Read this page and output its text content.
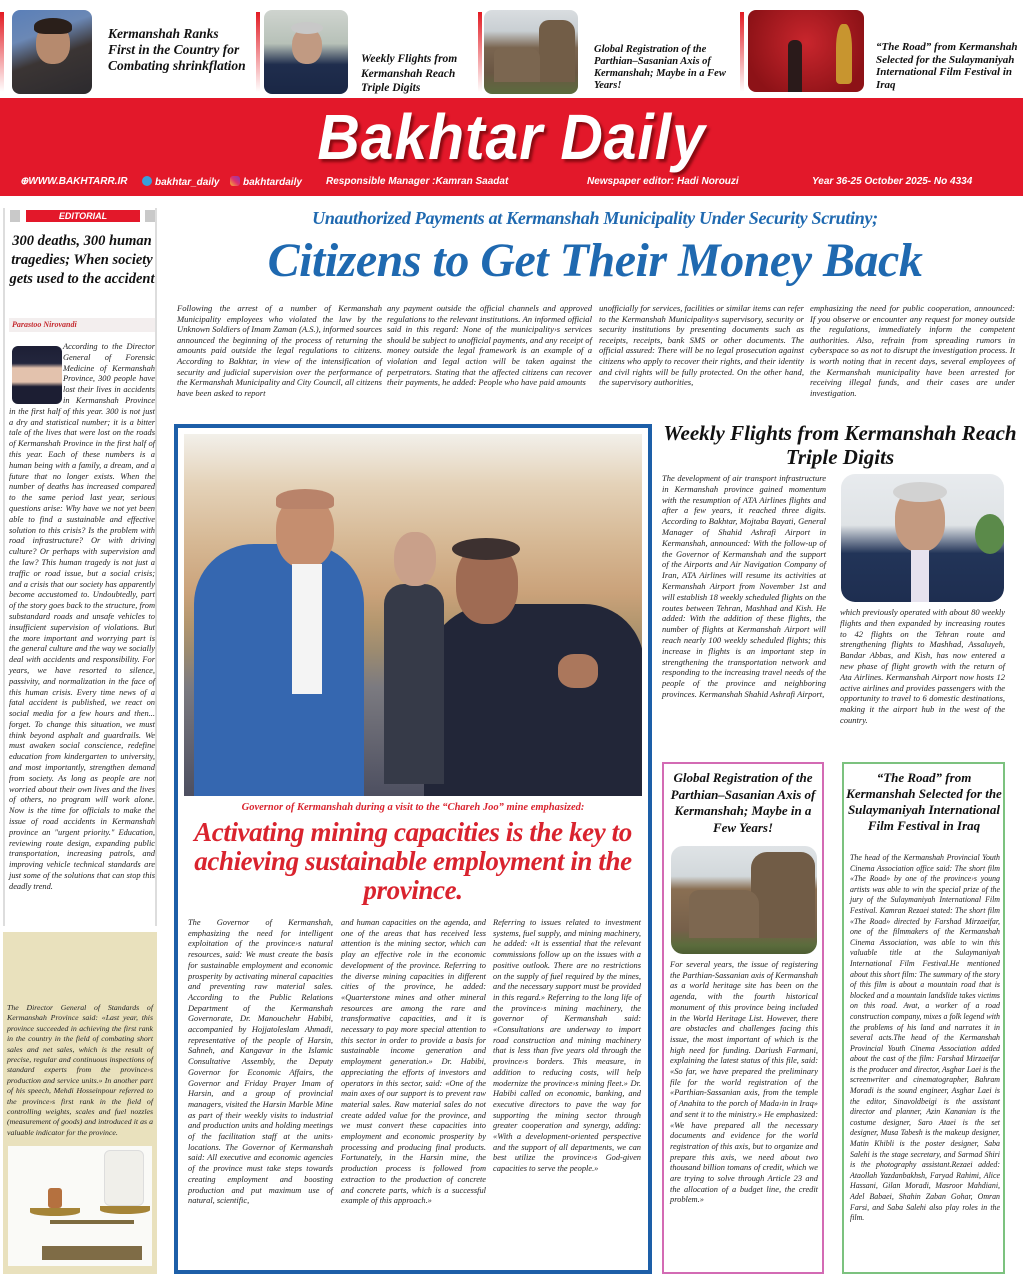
Kermanshah Ranks First in the Country for Combating shrinkflation	Weekly Flights from Kermanshah Reach Triple Digits
Global Registration of the Parthian–Sasanian Axis of Kermanshah; Maybe in a Few Years!
“The Road” from Kermanshah Selected for the Sulaymaniyah International Film Festival in Iraq
Bakhtar Daily
⊕WWW.BAKHTARR.IR	bakhtar_daily	bakhtardaily Responsible Manager :Kamran Saadat	Newspaper editor: Hadi Norouzi	Year 36-25 October 2025- No 4334
EDITORIAL
300 deaths, 300 human tragedies; When society gets used to the accident
Parastoo Nirovandi
According to the Director General of Forensic Medicine of Kermanshah Province, 300 people have lost their lives in accidents in Kermanshah Province in the first half of this year. 300 is not just a dry and statistical number; it is a bitter tale of the lives that were lost on the roads of Kermanshah Province in the first half of this year. Each of these numbers is a human being with a family, a dream, and a future that no longer exists. When the number of deaths has increased compared to the same period last year, serious questions arise: Why have we not yet been able to find a sustainable and effective solution to this crisis? Is the problem with road infrastructure? Or with driving culture? Or perhaps with supervision and the law? This human tragedy is not just a traffic or road issue, but a social crisis; and a crisis that our society has apparently become accustomed to. Undoubtedly, part of the story goes back to the structure, from substandard roads and unsafe vehicles to insufficient supervision of violations. But the more important and worrying part is the general culture and the way we socially deal with accidents and responsibility. For years, we have resorted to silence, passivity, and normalization in the face of this human crisis. Every time news of a fatal accident is published, we react on social media for a few hours and then... forget. To change this situation, we must think beyond asphalt and guardrails. We must awaken social conscience, redefine education from kindergarten to university, and most importantly, strengthen demand from society. As long as people are not worried about their own lives and the lives of others, no program will work alone. Now is the time for officials to make the issue of road accidents in Kermanshah province an "urgent priority." Education, reviewing route design, expanding public transportation, increasing patrols, and improving vehicle technical standards are just some of the solutions that can stop this deadly trend.
The Director General of Standards of Kermanshah Province said: «Last year, this province succeeded in achieving the first rank in the country in the field of combating short sales and net sales, which is the result of precise, regular and continuous inspections of standard experts from the province›s production and service units.» In another part of his speech, Mehdi Hosseinpour referred to the province›s first rank in the field of controlling weights, scales and fuel nozzles (measurement of goods) and introduced it as a valuable indicator for the province.
Unauthorized Payments at Kermanshah Municipality Under Security Scrutiny;
Citizens to Get Their Money Back
Following the arrest of a number of Kermanshah Municipality employees who violated the law by the Unknown Soldiers of Imam Zaman (A.S.), informed sources announced the beginning of the process of returning the amounts paid outside the legal regulations to citizens. According to Bakhtar, in view of the intensification of security and judicial supervision over the performance of the Kermanshah Municipality and City Council, all citizens have been asked to report
any payment outside the official channels and approved regulations to the relevant institutions. An informed official said in this regard: None of the municipality›s services should be subject to unofficial payments, and any receipt of money outside the legal framework is an example of a violation and legal action will be taken against the perpetrators. Stating that the affected citizens can recover their payments, he added: People who have paid amounts
unofficially for services, facilities or similar items can refer to the Kermanshah Municipality›s supervisory, security or security institutions by presenting documents such as receipts, receipts, bank SMS or other documents. The official assured: There will be no legal prosecution against citizens who apply to recover their rights, and their identity and civil rights will be fully protected. On the other hand, the supervisory authorities,
emphasizing the need for public cooperation, announced: If you observe or encounter any request for money outside the regulations, immediately inform the competent authorities. Also, refrain from spreading rumors in cyberspace so as not to disrupt the investigation process. It is worth noting that in recent days, several employees of the Kermanshah municipality have been arrested for receiving illegal funds, and their cases are under investigation.
Governor of Kermanshah during a visit to the “Chareh Joo” mine emphasized:
Activating mining capacities is the key to achieving sustainable employment in the province.
The Governor of Kermanshah, emphasizing the need for intelligent exploitation of the province›s natural resources, said: We must create the basis for sustainable employment and economic prosperity by activating mineral capacities and preventing raw material sales. According to the Public Relations Department of the Kermanshah Governorate, Dr. Manouchehr Habibi, accompanied by Hojjatoleslam Ahmadi, representative of the people of Harsin, Sahneh, and Kangavar in the Islamic Consultative Assembly, the Deputy Governor for Economic Affairs, the Governor and Friday Prayer Imam of Harsin, and a group of provincial managers, visited the Harsin Marble Mine as part of their weekly visits to industrial and production units and holding meetings of the facilitation staff at the units› locations. The Governor of Kermanshah said: All executive and economic agencies of the province must take steps towards creating employment and boosting production and put maximum use of natural, scientific,
and human capacities on the agenda, and one of the areas that has received less attention is the mining sector, which can play an effective role in the economic development of the province. Referring to the diverse mining capacities in different cities of the province, he added: «Quarterstone mines and other mineral resources are among the rare and transformative capacities, and it is necessary to pay more special attention to this sector in order to provide a basis for sustainable income generation and employment generation.» Dr. Habibi, appreciating the efforts of investors and operators in this sector, said: «One of the main axes of our support is to prevent raw material sales. Raw material sales do not create added value for the province, and we must convert these capacities into employment and economic prosperity by processing and producing final products. Fortunately, in the Harsin mine, the production process is followed from extraction to the production of concrete and concrete parts, which is a successful example of this approach.»
Referring to issues related to investment systems, fuel supply, and mining machinery, he added: «It is essential that the relevant commissions follow up on the issues with a positive outlook. There are no restrictions on the supply of fuel required by the mines, and the necessary support must be provided in this regard.» Referring to the long life of the province›s mining machinery, the governor of Kermanshah said: «Consultations are underway to import road construction and mining machinery that is less than five years old through the province›s borders. This measure, in addition to reducing costs, will help modernize the province›s mining fleet.» Dr. Habibi called on economic, banking, and executive directors to pave the way for supporting the mining sector through greater cooperation and synergy, adding: «With a development-oriented perspective and the support of all departments, we can best utilize the province›s God-given capacities to serve the people.»
Weekly Flights from Kermanshah Reach Triple Digits
The development of air transport infrastructure in Kermanshah province gained momentum with the resumption of ATA Airlines flights and after a few years, it reached three digits. According to Bakhtar, Mojtaba Bayati, General Manager of Shahid Ashrafi Airport in Kermanshah, announced: With the follow-up of the Governor of Kermanshah and the support of the Airports and Air Navigation Company of Iran, ATA Airlines will resume its activities at Kermanshah Airport from November 1st and will establish 18 weekly scheduled flights on the routes between Tehran, Mashhad and Kish. He added: With the addition of these flights, the number of flights at Kermanshah Airport will reach nearly 100 weekly scheduled flights; this increase in flights is an important step in strengthening the transportation network and responding to the increasing travel needs of the people of the province and neighboring provinces. Kermanshah Shahid Ashrafi Airport,
which previously operated with about 80 weekly flights and then expanded by increasing routes to 42 flights on the Tehran route and strengthening flights to Mashhad, Assaluyeh, Bandar Abbas, and Kish, has now entered a new phase of flight growth with the return of Ata Airlines. Kermanshah Airport now hosts 12 active airlines and provides passengers with the opportunity to travel to 6 domestic destinations, making it the airport hub in the west of the country.
Global Registration of the Parthian–Sasanian Axis of Kermanshah; Maybe in a Few Years!
For several years, the issue of registering the Parthian-Sassanian axis of Kermanshah as a world heritage site has been on the agenda, with the fourth historical monument of this province being included in the World Heritage List. However, there are obstacles and challenges facing this issue, the most important of which is the high need for funding. Dariush Farmani, explaining the latest status of this file, said: «So far, we have prepared the preliminary file for the world registration of the «Parthian-Sassanian axis, from the temple of Anahita to the porch of Mada›in in Iraq» and sent it to the ministry.» He emphasized: «We have prepared all the necessary documents and evidence for the world registration of this axis, but to organize and prepare this axis, we need about two thousand billion tomans of credit, which we are trying to solve through Article 23 and the allocation of a budget line, the credit problem.»
“The Road” from Kermanshah Selected for the Sulaymaniyah International Film Festival in Iraq
The head of the Kermanshah Provincial Youth Cinema Association office said: The short film «The Road» by one of the province›s young artists was able to win the special prize of the jury of the Sulaymaniyah International Film Festival. Kamran Rezaei stated: The short film «The Road» directed by Farshad Mirzaeifar, one of the filmmakers of the Kermanshah Cinema Association, was able to win this valuable title at the Sulaymaniyah International Film Festival.He mentioned about this short film: The summary of the story of this film is about a mountain road that is blocked and a mountain landslide takes victims on this road. Avat, a worker of a road construction company, mixes a folk legend with the problems of his land and narrates it in several acts.The head of the Kermanshah Provincial Youth Cinema Association added about the cast of the film: Farshad Mirzaeifar is the producer and director, Asghar Laei is the screenwriter and cinematographer, Bahram Moradi is the sound engineer, Asghar Laei is the editor, Sinavoldbeigi is the assistant director and planner, Azin Kananian is the costume designer, Saro Ataei is the set designer, Musa Tabesh is the makeup designer, Matin Khibli is the poster designer, Saba Salehi is the stage secretary, and Sarmad Shiri is the photography assistant.Rezaei added: Ataollah Yazdanbakhsh, Faryad Rahimi, Alice Hassani, Gilan Moradi, Masroor Mahdiani, Adel Babaei, Shahin Zaban Gohar, Omran Farsi, and Saba Salehi also play roles in the film.
